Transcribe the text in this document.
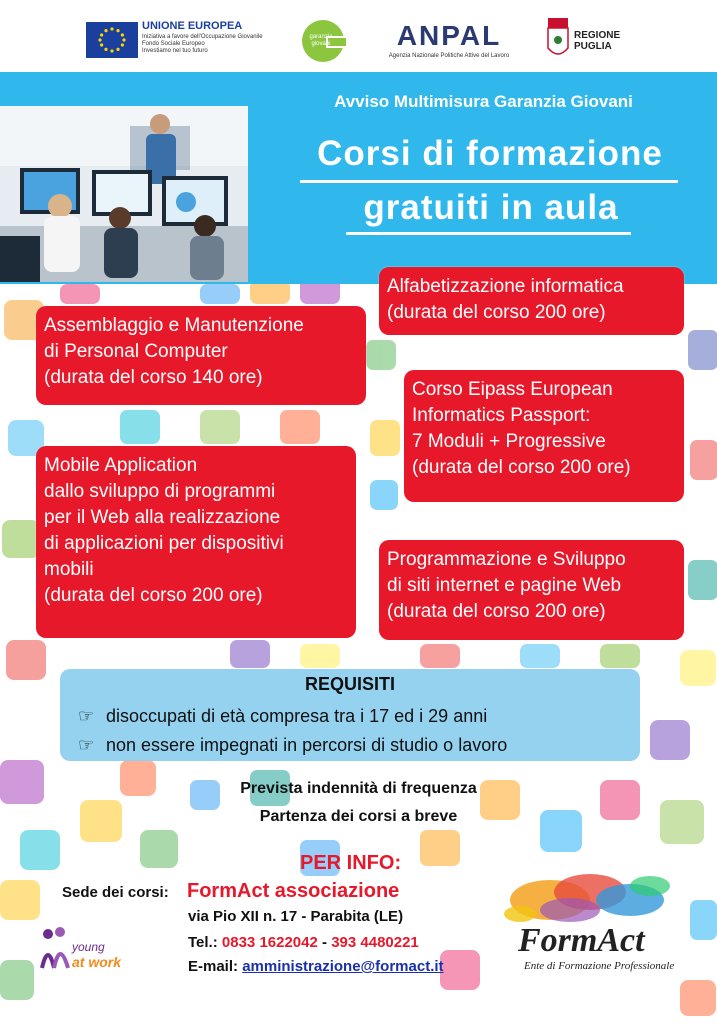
UNIONE EUROPEA
Iniziativa a favore dell'Occupazione Giovanile
Fondo Sociale Europeo
Investiamo nel tuo futuro
garanzia giovani	ANPAL
Agenzia Nazionale Politiche Attive del Lavoro
REGIONE
PUGLIA
Avviso Multimisura Garanzia Giovani
Corsi di formazione
gratuiti in aula
Alfabetizzazione informatica
(durata del corso 200 ore)
Assemblaggio e Manutenzione
di Personal Computer
(durata del corso 140 ore)
Corso Eipass European
Informatics Passport:
7 Moduli + Progressive
(durata del corso 200 ore)
Mobile Application
dallo sviluppo di programmi
per il Web alla realizzazione
di applicazioni per dispositivi
mobili
(durata del corso 200 ore)
Programmazione e Sviluppo
di siti internet e pagine Web
(durata del corso 200 ore)
REQUISITI
☞ disoccupati di età compresa tra i 17 ed i 29 anni
☞ non essere impegnati in percorsi di studio o lavoro
Prevista indennità di frequenza
Partenza dei corsi a breve
PER INFO:
Sede dei corsi: FormAct associazione
via Pio XII n. 17 - Parabita (LE)
Tel.: 0833 1622042 - 393 4480221
E-mail: amministrazione@formact.it
young
at work
FormAct
Ente di Formazione Professionale
